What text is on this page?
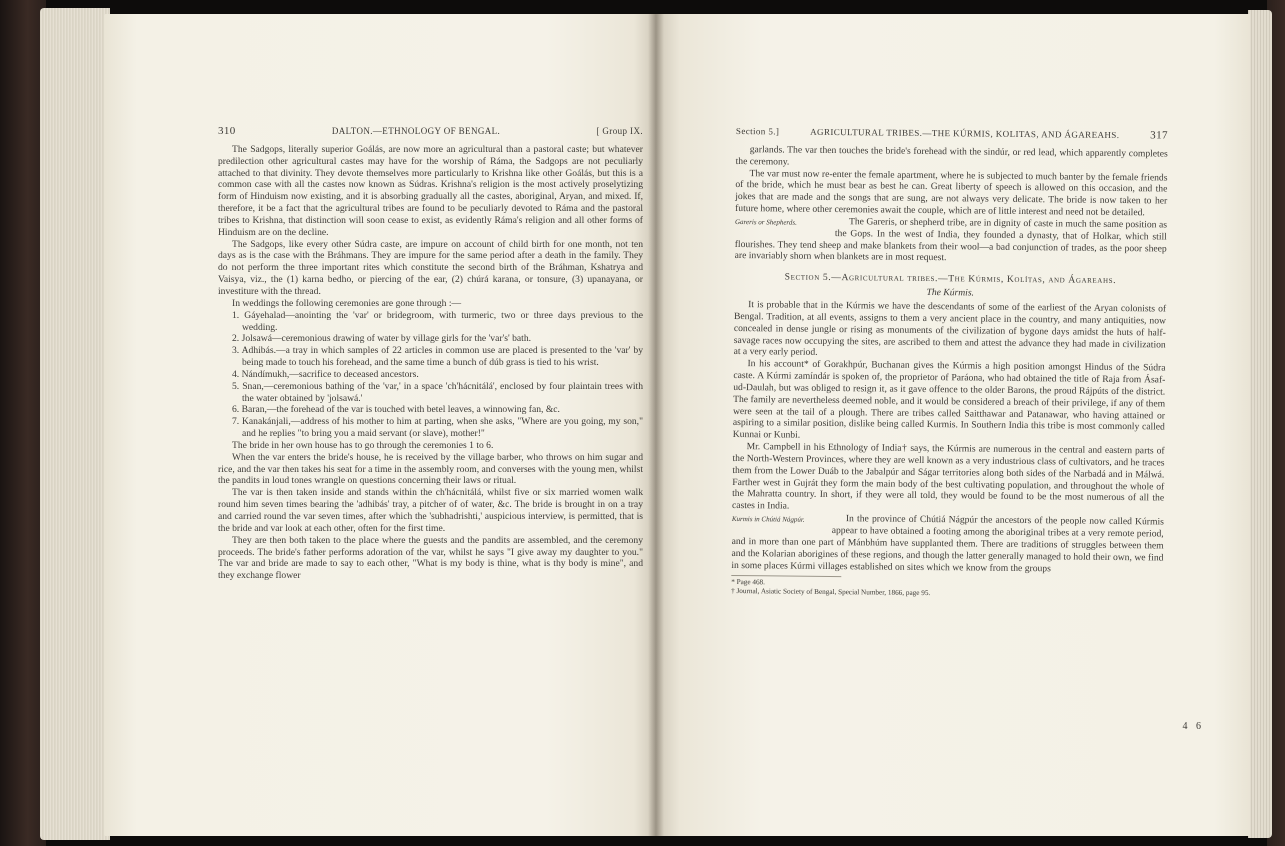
310	DALTON.—ETHNOLOGY OF BENGAL.	[ Group IX.

The Sadgops, literally superior Goálás, are now more an agricultural than a pastoral caste; but whatever predilection other agricultural castes may have for the worship of Ráma, the Sadgops are not peculiarly attached to that divinity. They devote themselves more particularly to Krishna like other Goálás, but this is a common case with all the castes now known as Súdras. Krishna's religion is the most actively proselytizing form of Hinduism now existing, and it is absorbing gradually all the castes, aboriginal, Aryan, and mixed. If, therefore, it be a fact that the agricultural tribes are found to be peculiarly devoted to Ráma and the pastoral tribes to Krishna, that distinction will soon cease to exist, as evidently Ráma's religion and all other forms of Hinduism are on the decline.

The Sadgops, like every other Súdra caste, are impure on account of child birth for one month, not ten days as is the case with the Bráhmans. They are impure for the same period after a death in the family. They do not perform the three important rites which constitute the second birth of the Bráhman, Kshatrya and Vaisya, viz., the (1) karna bedho, or piercing of the ear, (2) chúrá karana, or tonsure, (3) upanayana, or investiture with the thread.

In weddings the following ceremonies are gone through :—

1. Gáyehalad—anointing the 'var' or bridegroom, with turmeric, two or three days previous to the wedding.
2. Jolsawá—ceremonious drawing of water by village girls for the 'var's' bath.
3. Adhibás.—a tray in which samples of 22 articles in common use are placed is presented to the 'var' by being made to touch his forehead, and the same time a bunch of dúb grass is tied to his wrist.
4. Nándímukh,—sacrifice to deceased ancestors.
5. Snan,—ceremonious bathing of the 'var,' in a space 'ch'hácnitálá', enclosed by four plaintain trees with the water obtained by 'jolsawá.'
6. Baran,—the forehead of the var is touched with betel leaves, a winnowing fan, &c.
7. Kanakánjali,—address of his mother to him at parting, when she asks, "Where are you going, my son," and he replies "to bring you a maid servant (or slave), mother!"

The bride in her own house has to go through the ceremonies 1 to 6.

When the var enters the bride's house, he is received by the village barber, who throws on him sugar and rice, and the var then takes his seat for a time in the assembly room, and converses with the young men, whilst the pandits in loud tones wrangle on questions concerning their laws or ritual.

The var is then taken inside and stands within the ch'hácnitálá, whilst five or six married women walk round him seven times bearing the 'adhibás' tray, a pitcher of of water, &c. The bride is brought in on a tray and carried round the var seven times, after which the 'subhadrishti,' auspicious interview, is permitted, that is the bride and var look at each other, often for the first time.

They are then both taken to the place where the guests and the pandits are assembled, and the ceremony proceeds. The bride's father performs adoration of the var, whilst he says "I give away my daughter to you." The var and bride are made to say to each other, "What is my body is thine, what is thy body is mine", and they exchange flower

Section 5.]	AGRICULTURAL TRIBES.—THE KÚRMIS, KOLITAS, AND ÁGAREAHS.	317

garlands. The var then touches the bride's forehead with the sindúr, or red lead, which apparently completes the ceremony.

The var must now re-enter the female apartment, where he is subjected to much banter by the female friends of the bride, which he must bear as best he can. Great liberty of speech is allowed on this occasion, and the jokes that are made and the songs that are sung, are not always very delicate. The bride is now taken to her future home, where other ceremonies await the couple, which are of little interest and need not be detailed.

Gareris or Shepherds.	The Gareris, or shepherd tribe, are in dignity of caste in much the same position as the Gops. In the west of India, they founded a dynasty, that of Holkar, which still flourishes. They tend sheep and make blankets from their wool—a bad conjunction of trades, as the poor sheep are invariably shorn when blankets are in most request.

Section 5.—Agricultural tribes.—The Kúrmis, Kolítas, and Ágareahs.
The Kúrmis.

It is probable that in the Kúrmis we have the descendants of some of the earliest of the Aryan colonists of Bengal. Tradition, at all events, assigns to them a very ancient place in the country, and many antiquities, now concealed in dense jungle or rising as monuments of the civilization of bygone days amidst the huts of half-savage races now occupying the sites, are ascribed to them and attest the advance they had made in civilization at a very early period.

In his account* of Gorakhpúr, Buchanan gives the Kúrmis a high position amongst Hindus of the Súdra caste. A Kúrmi zamíndár is spoken of, the proprietor of Paráona, who had obtained the title of Raja from Ásaf-ud-Daulah, but was obliged to resign it, as it gave offence to the older Barons, the proud Rájpúts of the district. The family are nevertheless deemed noble, and it would be considered a breach of their privilege, if any of them were seen at the tail of a plough. There are tribes called Saitthawar and Patanawar, who having attained or aspiring to a similar position, dislike being called Kurmis. In Southern India this tribe is most commonly called Kunnai or Kunbi.

Mr. Campbell in his Ethnology of India† says, the Kúrmis are numerous in the central and eastern parts of the North-Western Provinces, where they are well known as a very industrious class of cultivators, and he traces them from the Lower Duáb to the Jabalpúr and Ságar territories along both sides of the Narbadá and in Málwá. Farther west in Gujrát they form the main body of the best cultivating population, and throughout the whole of the Mahratta country. In short, if they were all told, they would be found to be the most numerous of all the castes in India.

Kurmis in Chútiá Nágpúr.	In the province of Chútiá Nágpúr the ancestors of the people now called Kúrmis appear to have obtained a footing among the aboriginal tribes at a very remote period, and in more than one part of Mánbhúm have supplanted them. There are traditions of struggles between them and the Kolarian aborigines of these regions, and though the latter generally managed to hold their own, we find in some places Kúrmi villages established on sites which we know from the groups

* Page 468.
† Journal, Asiatic Society of Bengal, Special Number, 1866, page 95.
4 6
